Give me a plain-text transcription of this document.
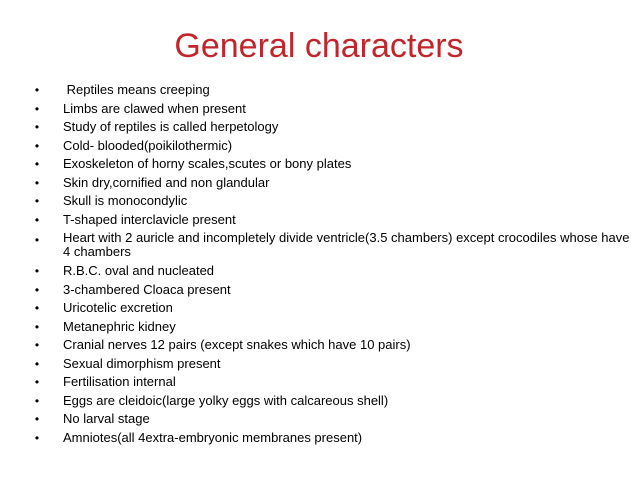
General characters
•	Reptiles means creeping
•	Limbs are clawed when present
•	Study of reptiles is called herpetology
•	Cold- blooded(poikilothermic)
•	Exoskeleton of horny scales,scutes or bony plates
•	Skin dry,cornified and non glandular
•	Skull is monocondylic
•	T-shaped interclavicle present
•	Heart with 2 auricle and incompletely divide ventricle(3.5 chambers) except crocodiles whose have 4 chambers
•	R.B.C. oval and nucleated
•	3-chambered Cloaca present
•	Uricotelic excretion
•	Metanephric kidney
•	Cranial nerves 12 pairs (except snakes which have 10 pairs)
•	Sexual dimorphism present
•	Fertilisation internal
•	Eggs are cleidoic(large yolky eggs with calcareous shell)
•	No larval stage
•	Amniotes(all 4extra-embryonic membranes present)
